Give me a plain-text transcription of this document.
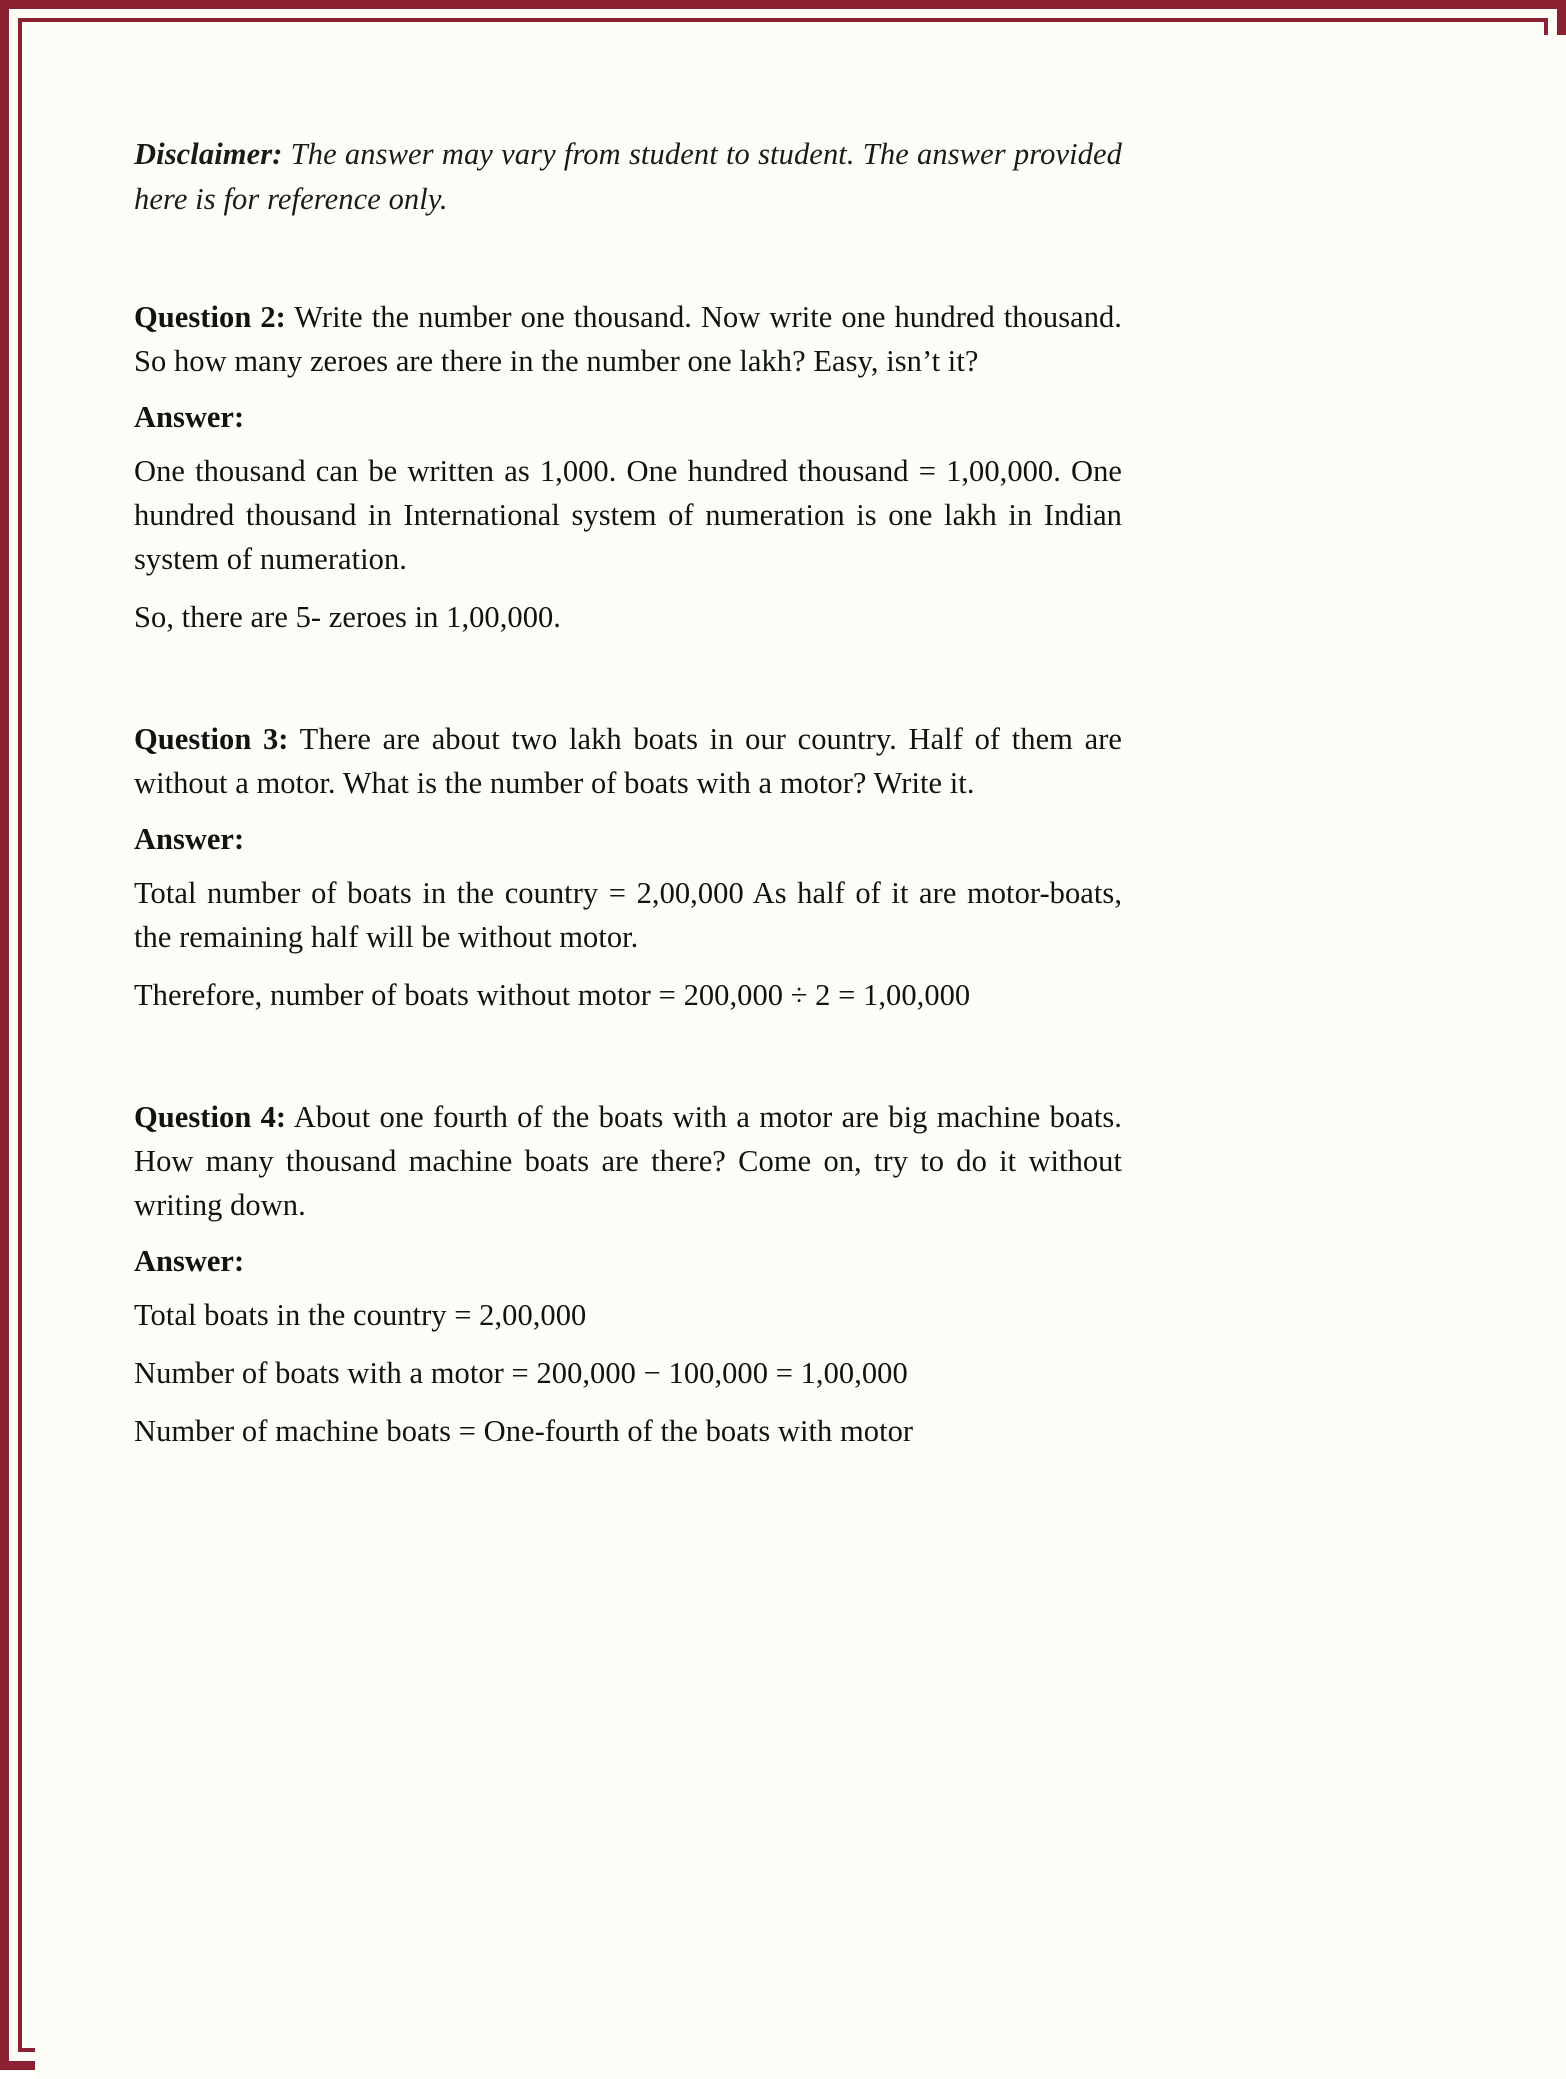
Disclaimer: The answer may vary from student to student. The answer provided here is for reference only.

Question 2: Write the number one thousand. Now write one hundred thousand. So how many zeroes are there in the number one lakh? Easy, isn’t it?

Answer:

One thousand can be written as 1,000. One hundred thousand = 1,00,000. One hundred thousand in International system of numeration is one lakh in Indian system of numeration.

So, there are 5- zeroes in 1,00,000.

Question 3: There are about two lakh boats in our country. Half of them are without a motor. What is the number of boats with a motor? Write it.

Answer:

Total number of boats in the country = 2,00,000 As half of it are motor-boats, the remaining half will be without motor.

Therefore, number of boats without motor = 200,000 ÷ 2 = 1,00,000

Question 4: About one fourth of the boats with a motor are big machine boats. How many thousand machine boats are there? Come on, try to do it without writing down.

Answer:

Total boats in the country = 2,00,000

Number of boats with a motor = 200,000 − 100,000 = 1,00,000

Number of machine boats = One-fourth of the boats with motor
